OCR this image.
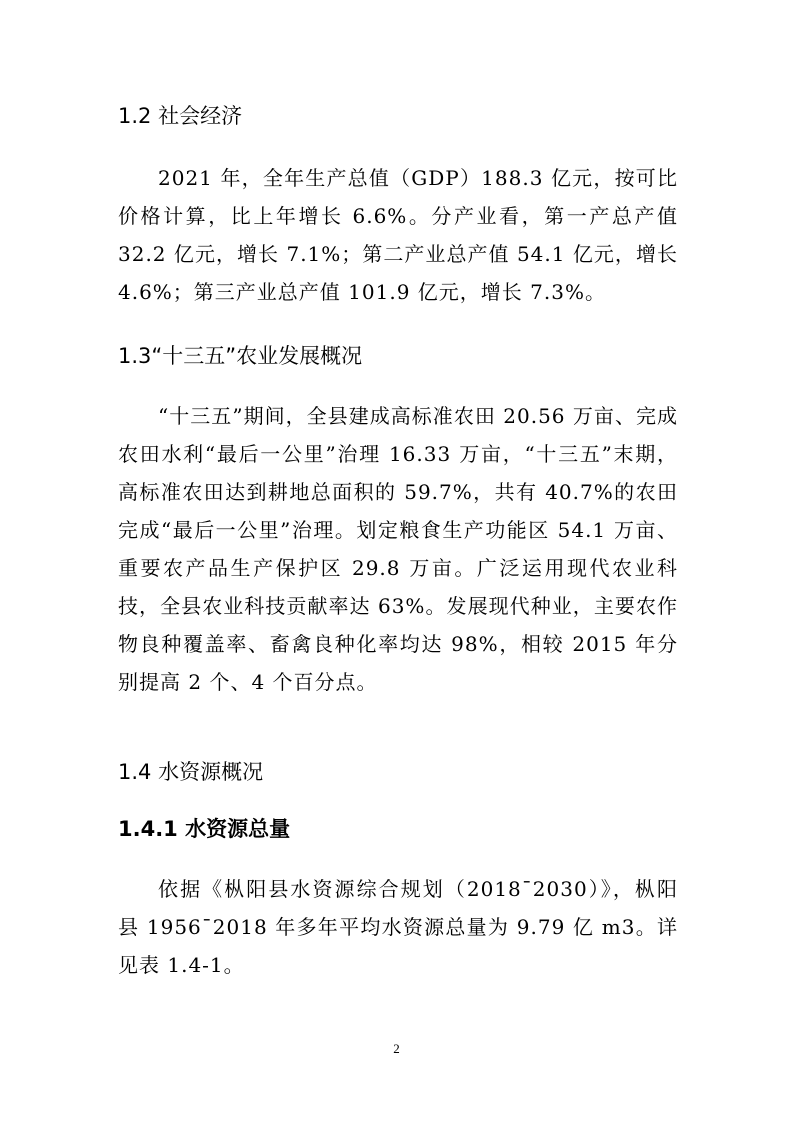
1.2 社会经济

2021 年，全年生产总值（GDP）188.3 亿元，按可比价格计算，比上年增长 6.6%。分产业看，第一产总产值 32.2 亿元，增长 7.1%；第二产业总产值 54.1 亿元，增长 4.6%；第三产业总产值 101.9 亿元，增长 7.3%。

1.3“十三五”农业发展概况

“十三五”期间，全县建成高标准农田 20.56 万亩、完成农田水利“最后一公里”治理 16.33 万亩，“十三五”末期，高标准农田达到耕地总面积的 59.7%，共有 40.7%的农田完成“最后一公里”治理。划定粮食生产功能区 54.1 万亩、重要农产品生产保护区 29.8 万亩。广泛运用现代农业科技，全县农业科技贡献率达 63%。发展现代种业，主要农作物良种覆盖率、畜禽良种化率均达 98%，相较 2015 年分别提高 2 个、4 个百分点。

1.4 水资源概况
1.4.1 水资源总量

依据《枞阳县水资源综合规划（2018¯2030）》，枞阳县 1956¯2018 年多年平均水资源总量为 9.79 亿 m3。详见表 1.4-1。

2
